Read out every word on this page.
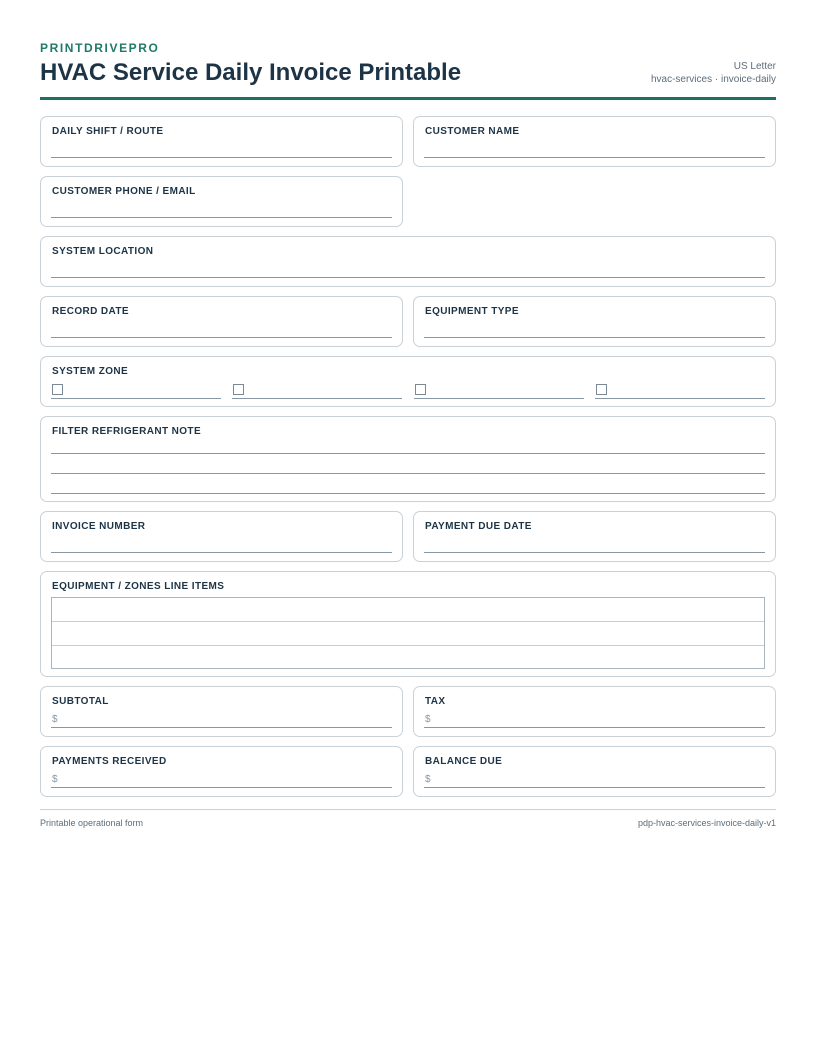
PRINTDRIVEPRO
HVAC Service Daily Invoice Printable	US Letter
hvac-services · invoice-daily
DAILY SHIFT / ROUTE	CUSTOMER NAME
CUSTOMER PHONE / EMAIL
SYSTEM LOCATION
RECORD DATE	EQUIPMENT TYPE
SYSTEM ZONE
FILTER REFRIGERANT NOTE
INVOICE NUMBER	PAYMENT DUE DATE
EQUIPMENT / ZONES LINE ITEMS
SUBTOTAL
$
TAX
$
PAYMENTS RECEIVED
$
BALANCE DUE
$
Printable operational form	pdp-hvac-services-invoice-daily-v1
